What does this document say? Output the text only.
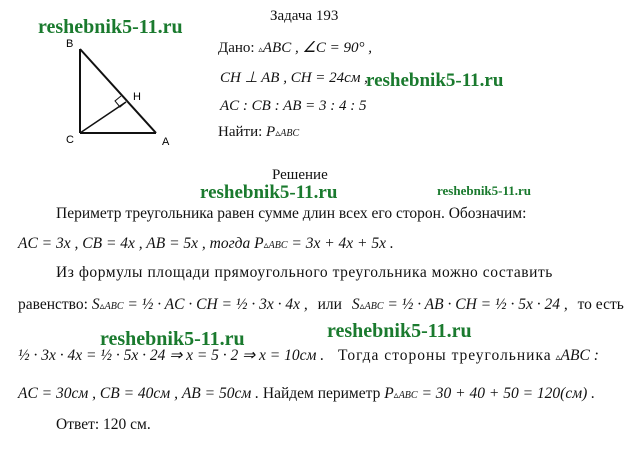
reshebnik5-11.ru
reshebnik5-11.ru
reshebnik5-11.ru	reshebnik5-11.ru
reshebnik5-11.ru	reshebnik5-11.ru
B
C	A
H
Задача 193
Дано: ▵ABC , ∠C = 90° ,
CH ⊥ AB , CH = 24см ,
AC : CB : AB = 3 : 4 : 5
Найти: P▵ABC
Решение
Периметр треугольника равен сумме длин всех его сторон. Обозначим:
AC = 3x , CB = 4x , AB = 5x , тогда P▵ABC = 3x + 4x + 5x .
Из формулы площади прямоугольного треугольника можно составить
равенство: S▵ABC = ½ · AC · CH = ½ · 3x · 4x , или S▵ABC = ½ · AB · CH = ½ · 5x · 24 , то есть
½ · 3x · 4x = ½ · 5x · 24 ⇒ x = 5 · 2 ⇒ x = 10см . Тогда стороны треугольника ▵ABC :
AC = 30см , CB = 40см , AB = 50см . Найдем периметр P▵ABC = 30 + 40 + 50 = 120(см) .
Ответ: 120 см.
